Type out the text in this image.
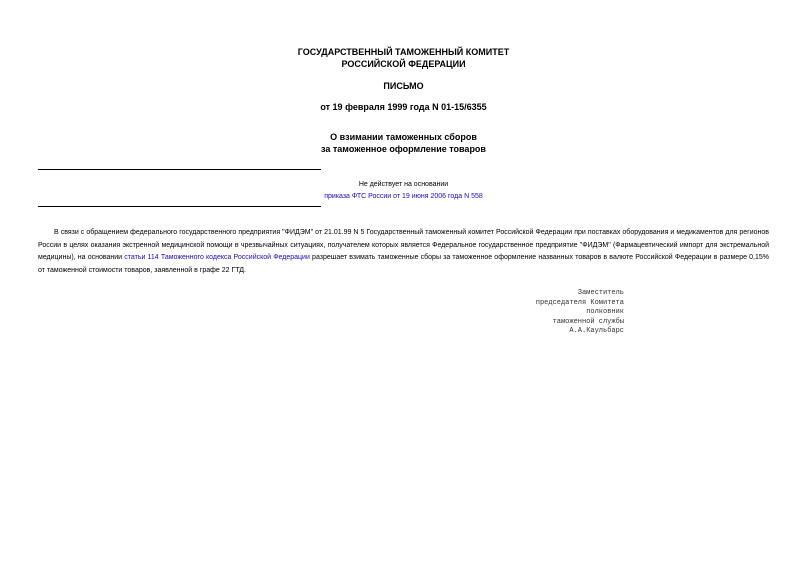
ГОСУДАРСТВЕННЫЙ ТАМОЖЕННЫЙ КОМИТЕТ
РОССИЙСКОЙ ФЕДЕРАЦИИ
ПИСЬМО
от 19 февраля 1999 года N 01-15/6355
О взимании таможенных сборов
за таможенное оформление товаров
Не действует на основании
приказа ФТС России от 19 июня 2006 года N 558

В связи с обращением федерального государственного предприятия "ФИДЭМ" от 21.01.99 N 5 Государственный таможенный комитет Российской Федерации при поставках оборудования и медикаментов для регионов России в целях оказания экстренной медицинской помощи в чрезвычайных ситуациях, получателем которых является Федеральное государственное предприятие "ФИДЭМ" (Фармацевтический импорт для экстремальной медицины), на основании статьи 114 Таможенного кодекса Российской Федерации разрешает взимать таможенные сборы за таможенное оформление названных товаров в валюте Российской Федерации в размере 0,15% от таможенной стоимости товаров, заявленной в графе 22 ГТД.

Заместитель
председателя Комитета
полковник
таможенной службы
А.А.Каульбарс
